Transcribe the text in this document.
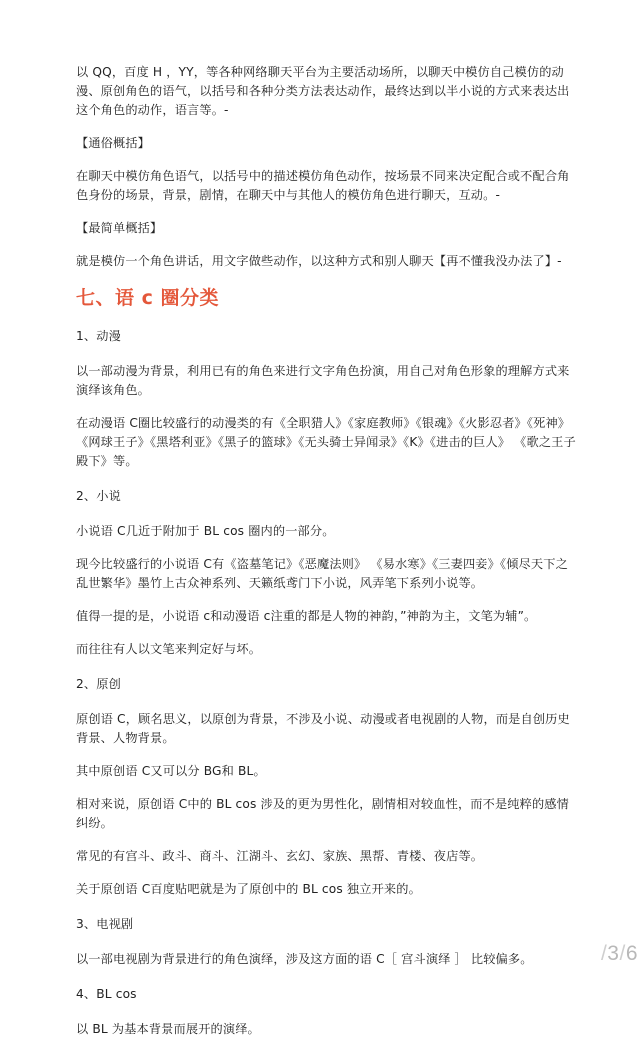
以 QQ，百度 H ，YY，等各种网络聊天平台为主要活动场所，以聊天中模仿自己模仿的动漫、原创角色的语气，以括号和各种分类方法表达动作，最终达到以半小说的方式来表达出这个角色的动作，语言等。-

【通俗概括】

在聊天中模仿角色语气，以括号中的描述模仿角色动作，按场景不同来决定配合或不配合角色身份的场景，背景，剧情，在聊天中与其他人的模仿角色进行聊天，互动。-

【最简单概括】

就是模仿一个角色讲话，用文字做些动作，以这种方式和别人聊天【再不懂我没办法了】-

七、语 c 圈分类

1、动漫

以一部动漫为背景，利用已有的角色来进行文字角色扮演，用自己对角色形象的理解方式来演绎该角色。

在动漫语 C圈比较盛行的动漫类的有《全职猎人》《家庭教师》《银魂》《火影忍者》《死神》《网球王子》《黑塔利亚》《黑子的篮球》《无头骑士异闻录》《K》《进击的巨人》 《歌之王子殿下》等。

2、小说

小说语 C几近于附加于 BL cos 圈内的一部分。

现今比较盛行的小说语 C有《盗墓笔记》《恶魔法则》 《易水寒》《三妻四妾》《倾尽天下之乱世繁华》墨竹上古众神系列、天籁纸鸢门下小说，风弄笔下系列小说等。

值得一提的是，小说语 c和动漫语 c注重的都是人物的神韵，”神韵为主，文笔为辅”。

而往往有人以文笔来判定好与坏。

2、原创

原创语 C，顾名思义，以原创为背景，不涉及小说、动漫或者电视剧的人物，而是自创历史背景、人物背景。

其中原创语 C又可以分 BG和 BL。

相对来说，原创语 C中的 BL cos 涉及的更为男性化，剧情相对较血性，而不是纯粹的感情纠纷。

常见的有宫斗、政斗、商斗、江湖斗、玄幻、家族、黑帮、青楼、夜店等。

关于原创语 C百度贴吧就是为了原创中的 BL cos 独立开来的。

3、电视剧

以一部电视剧为背景进行的角色演绎，涉及这方面的语 C［ 宫斗演绎 ］ 比较偏多。

4、BL cos

以 BL 为基本背景而展开的演绎。

/3/6
